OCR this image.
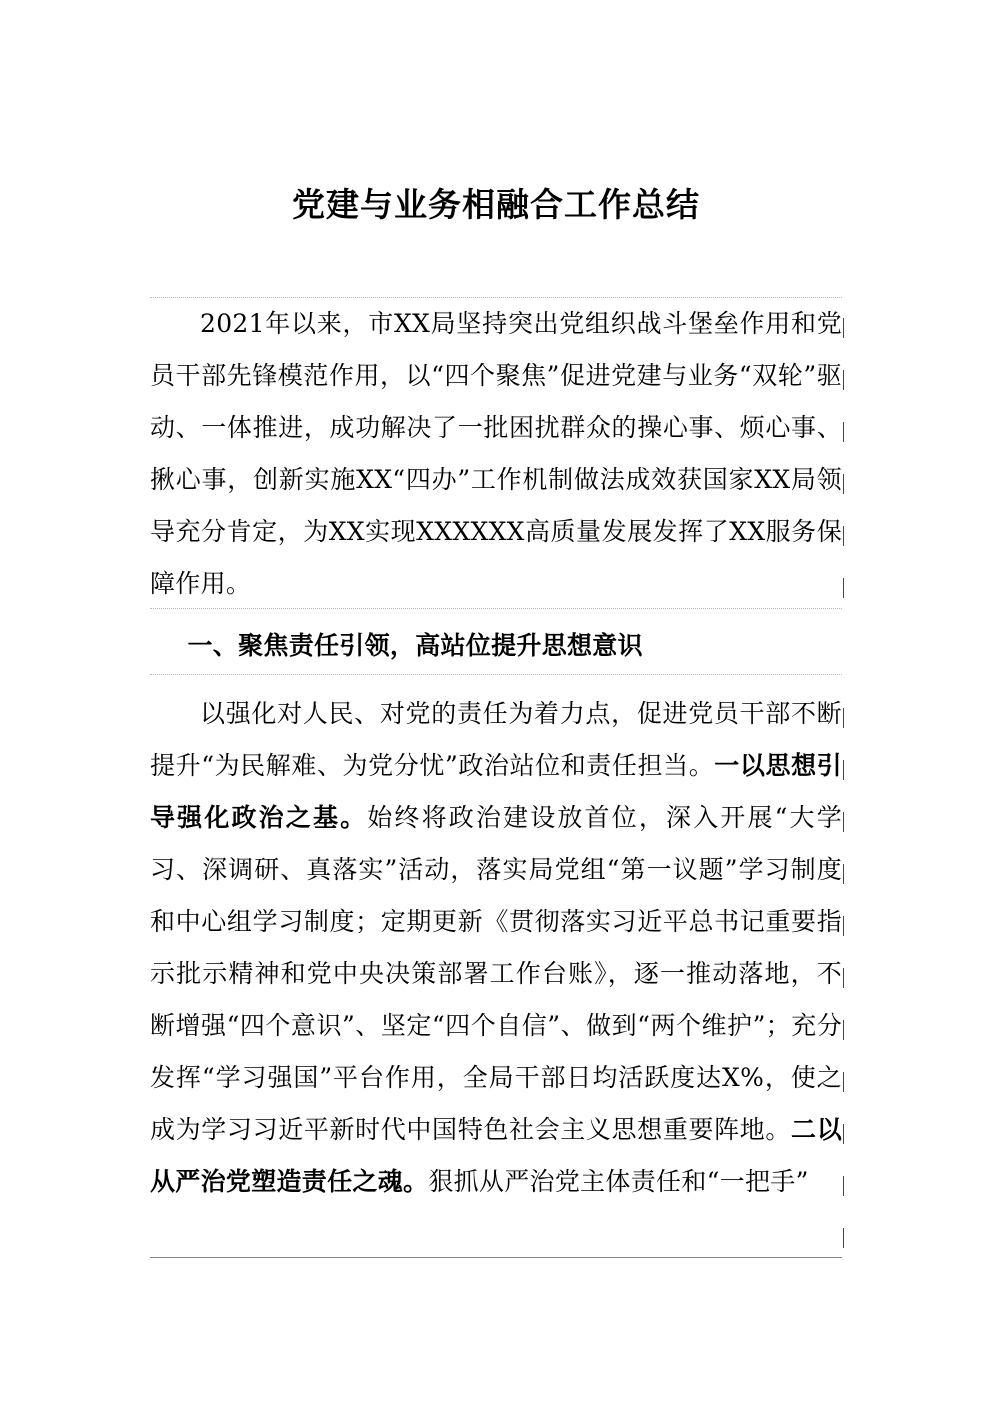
党建与业务相融合工作总结

2021年以来，市XX局坚持突出党组织战斗堡垒作用和党员干部先锋模范作用，以“四个聚焦”促进党建与业务“双轮”驱动、一体推进，成功解决了一批困扰群众的操心事、烦心事、揪心事，创新实施XX“四办”工作机制做法成效获国家XX局领导充分肯定，为XX实现XXXXXX高质量发展发挥了XX服务保障作用。

一、聚焦责任引领，高站位提升思想意识

以强化对人民、对党的责任为着力点，促进党员干部不断提升“为民解难、为党分忧”政治站位和责任担当。一以思想引导强化政治之基。始终将政治建设放首位，深入开展“大学习、深调研、真落实”活动，落实局党组“第一议题”学习制度和中心组学习制度；定期更新《贯彻落实习近平总书记重要指示批示精神和党中央决策部署工作台账》，逐一推动落地，不断增强“四个意识”、坚定“四个自信”、做到“两个维护”；充分发挥“学习强国”平台作用，全局干部日均活跃度达X%，使之成为学习习近平新时代中国特色社会主义思想重要阵地。二以从严治党塑造责任之魂。狠抓从严治党主体责任和“一把手”
